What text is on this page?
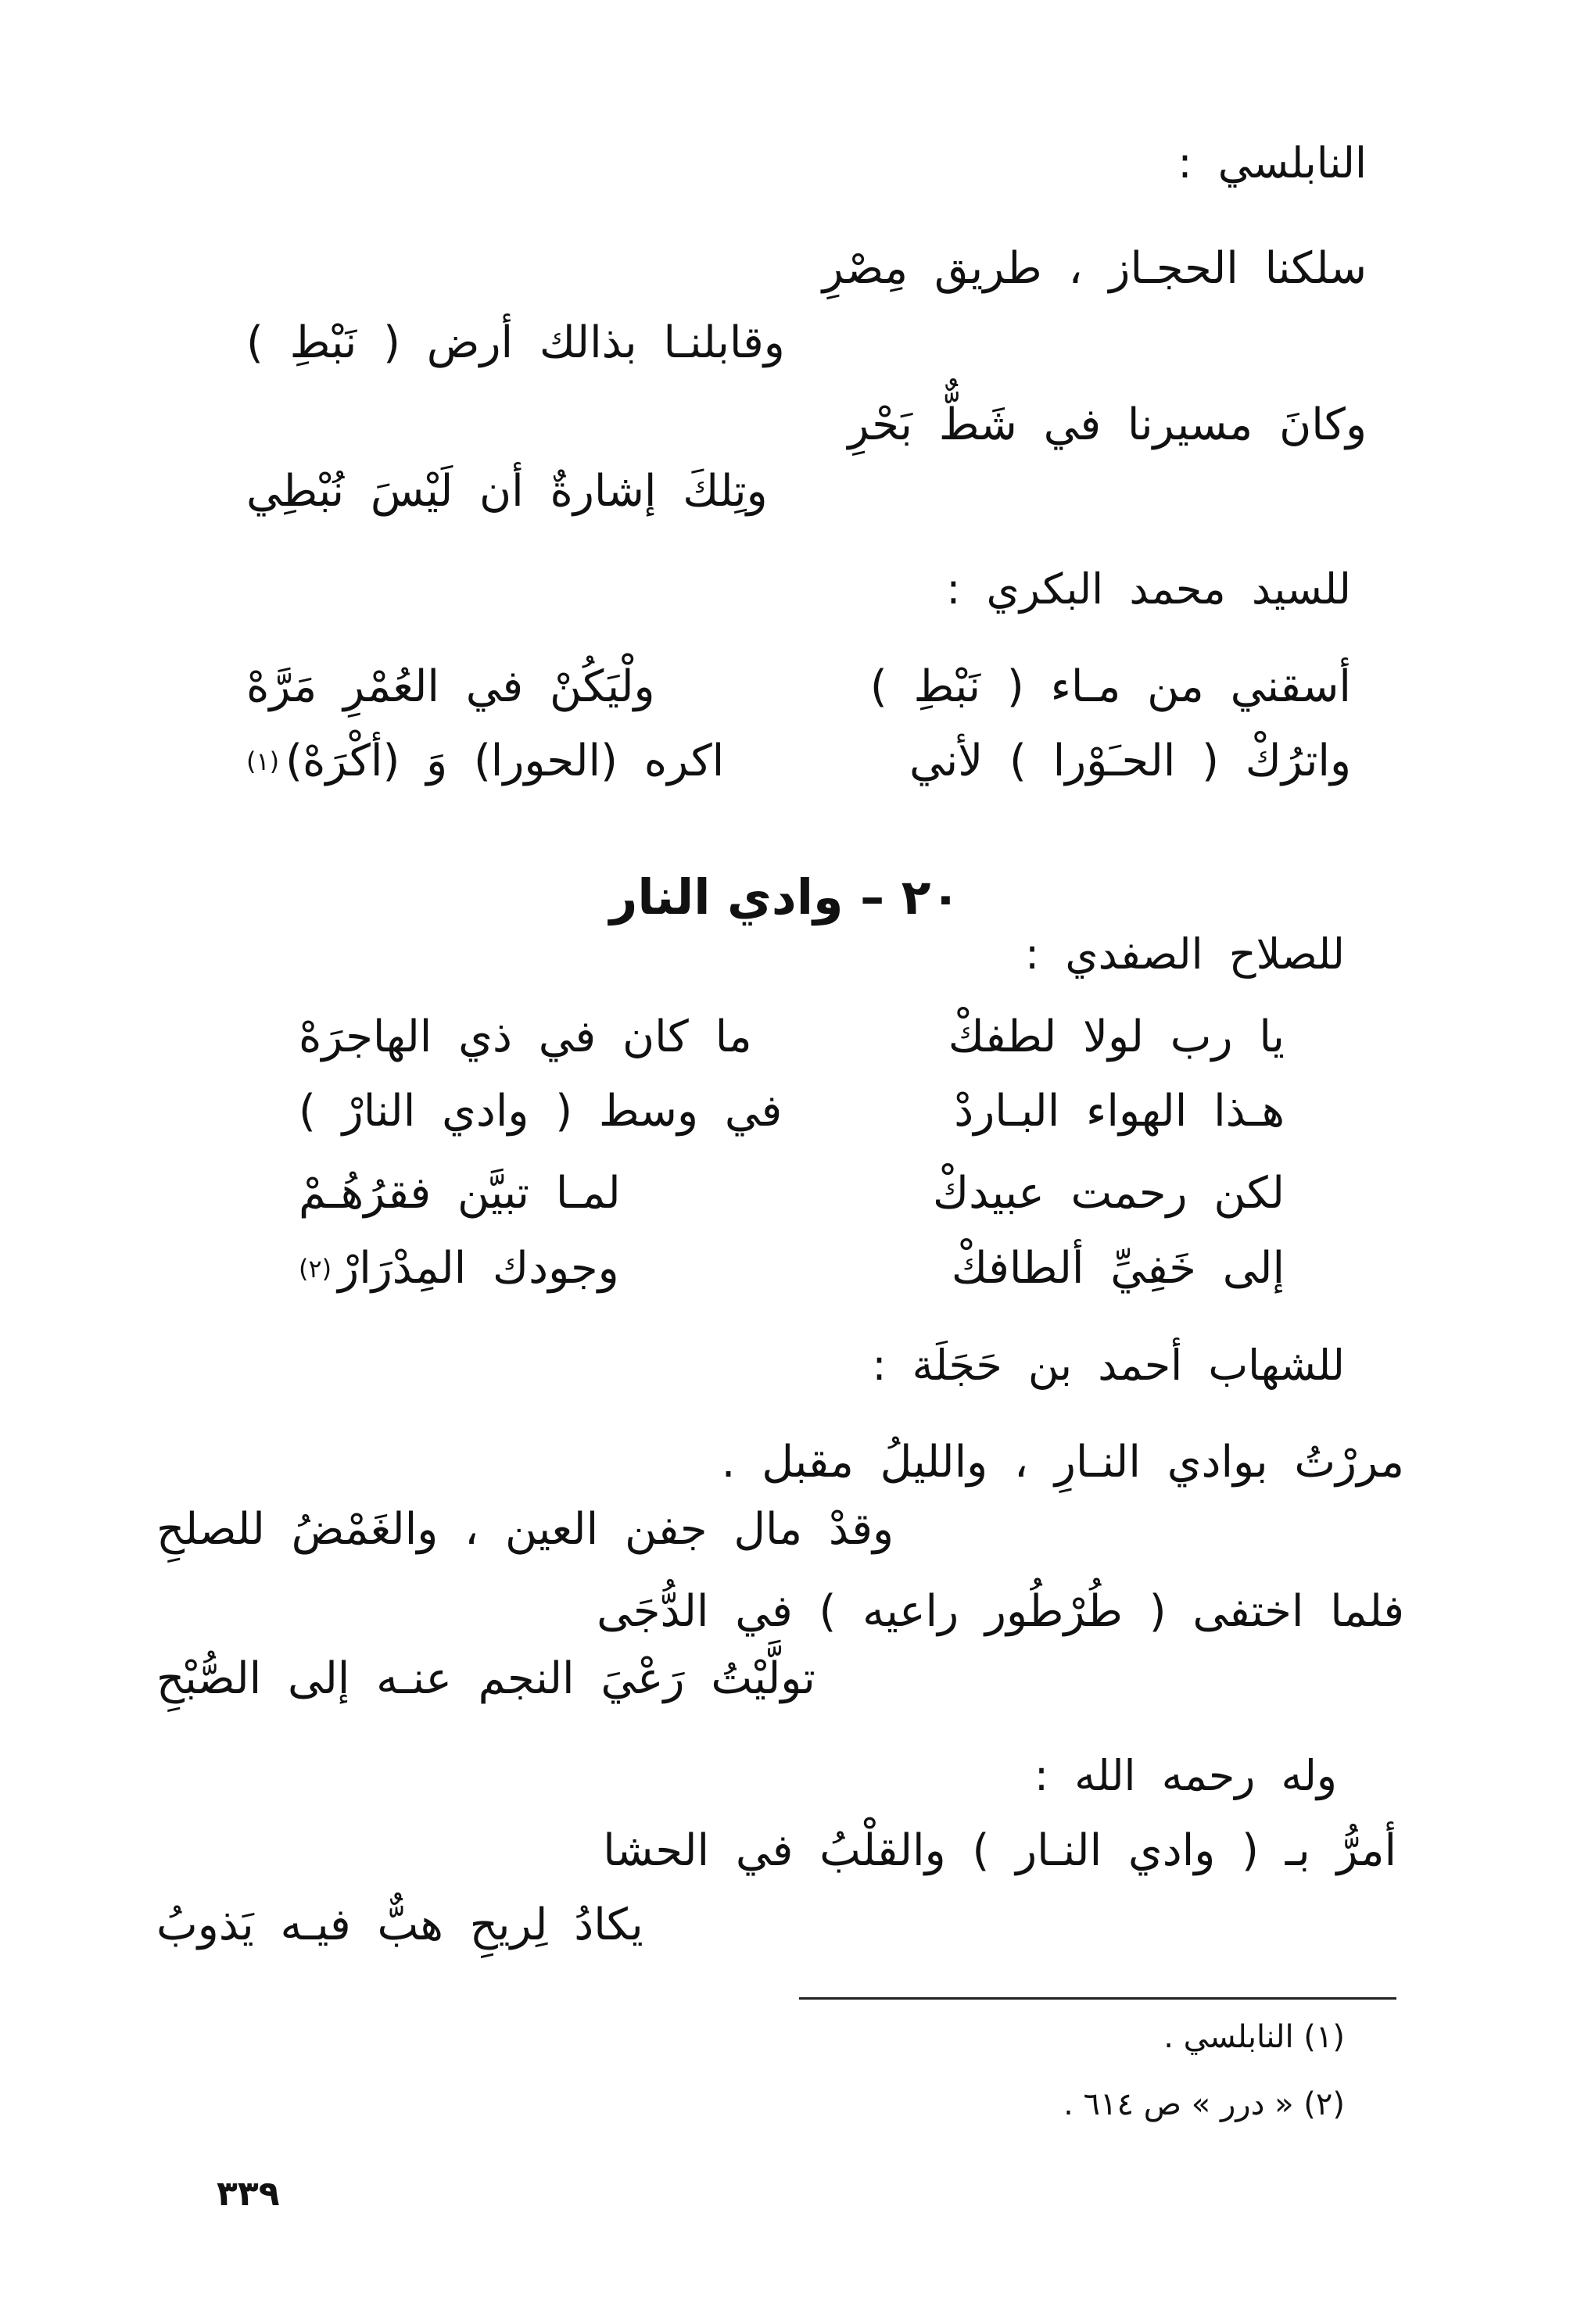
النابلسي :
سلكنا الحجـاز ، طريق مِصْرِ
وقابلنـا بذالك أرض ( نَبْطِ )
وكانَ مسيرنا في شَطٌّ بَحْرِ
وتِلكَ إشارةٌ أن لَيْسَ نُبْطِي
للسيد محمد البكري :
أسقني من مـاء ( نَبْطِ )
ولْيَكُنْ في العُمْرِ مَرَّهْ
واترُكْ ( الحـَوْرا ) لأني
اكره (الحورا) وَ (أكْرَهْ)$^{(١)}$
٢٠ – وادي النار
للصلاح الصفدي :
يا رب لولا لطفكْ
ما كان في ذي الهاجرَهْ
هـذا الهواء البـاردْ
في وسط ( وادي النارْ )
لكن رحمت عبيدكْ
لمـا تبيَّن فقرُهُـمْ
إلى خَفِيِّ ألطافكْ
وجودك المِدْرَارْ$^{(٢)}$
للشهاب أحمد بن حَجَلَة :
مررْتُ بوادي النـارِ ، والليلُ مقبل .
وقدْ مال جفن العين ، والغَمْضُ للصلحِ
فلما اختفى ( طُرْطُور راعيه ) في الدُّجَى
تولَّيْتُ رَعْيَ النجم عنـه إلى الصُّبْحِ
وله رحمه الله :
أمرُّ بـ ( وادي النـار ) والقلْبُ في الحشا
يكادُ لِريحِ هبٌّ فيـه يَذوبُ
(١) النابلسي .
(٢) « درر » ص ٦١٤ .
٣٣٩
